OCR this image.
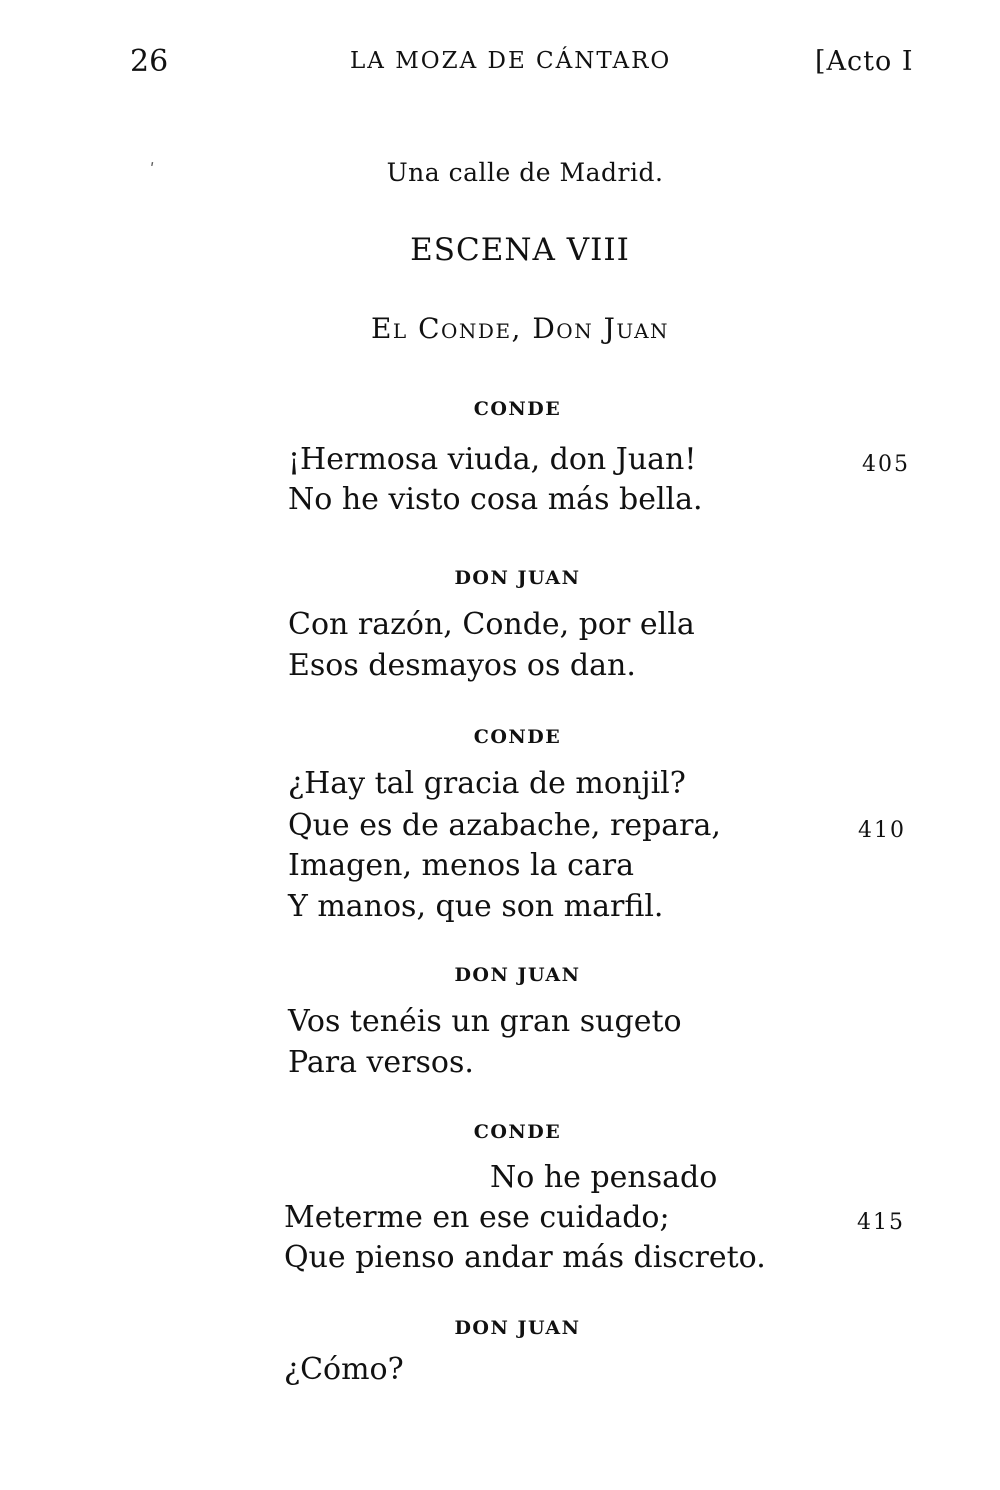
26	LA MOZA DE CÁNTARO	[Acto I
ʹ	Una calle de Madrid.
ESCENA VIII
El Conde, Don Juan
CONDE
¡Hermosa viuda, don Juan!	405
No he visto cosa más bella.
DON JUAN
Con razón, Conde, por ella
Esos desmayos os dan.
CONDE
¿Hay tal gracia de monjil?
Que es de azabache, repara,	410
Imagen, menos la cara
Y manos, que son marfil.
DON JUAN
Vos tenéis un gran sugeto
Para versos.
CONDE
No he pensado
Meterme en ese cuidado;	415
Que pienso andar más discreto.
DON JUAN
¿Cómo?
